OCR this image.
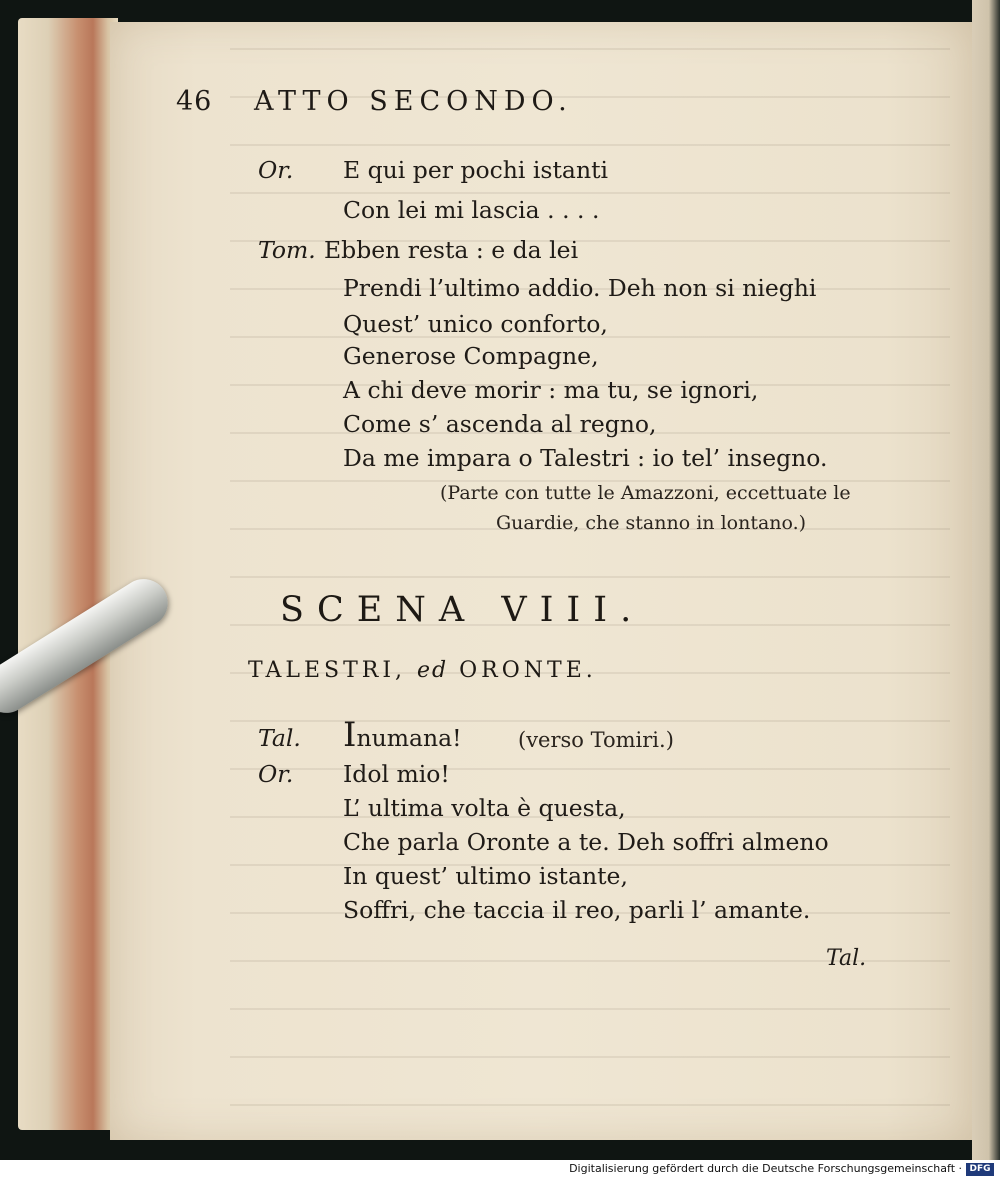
46 ATTO SECONDO.
Or. E qui per pochi istanti
Con lei mi lascia . . . .
Tom. Ebben resta : e da lei
Prendi l’ultimo addio. Deh non si nieghi
Quest’ unico conforto,
Generose Compagne,
A chi deve morir : ma tu, se ignori,
Come s’ ascenda al regno,
Da me impara o Talestri : io tel’ insegno.
(Parte con tutte le Amazzoni, eccettuate le
Guardie, che stanno in lontano.)
SCENA VIII.
TALESTRI, ed ORONTE.
Tal. Inumana!	(verso Tomiri.)
Or. Idol mio!
L’ ultima volta è questa,
Che parla Oronte a te. Deh soffri almeno
In quest’ ultimo istante,
Soffri, che taccia il reo, parli l’ amante.
Tal.
Digitalisierung gefördert durch die Deutsche Forschungsgemeinschaft · DFG
